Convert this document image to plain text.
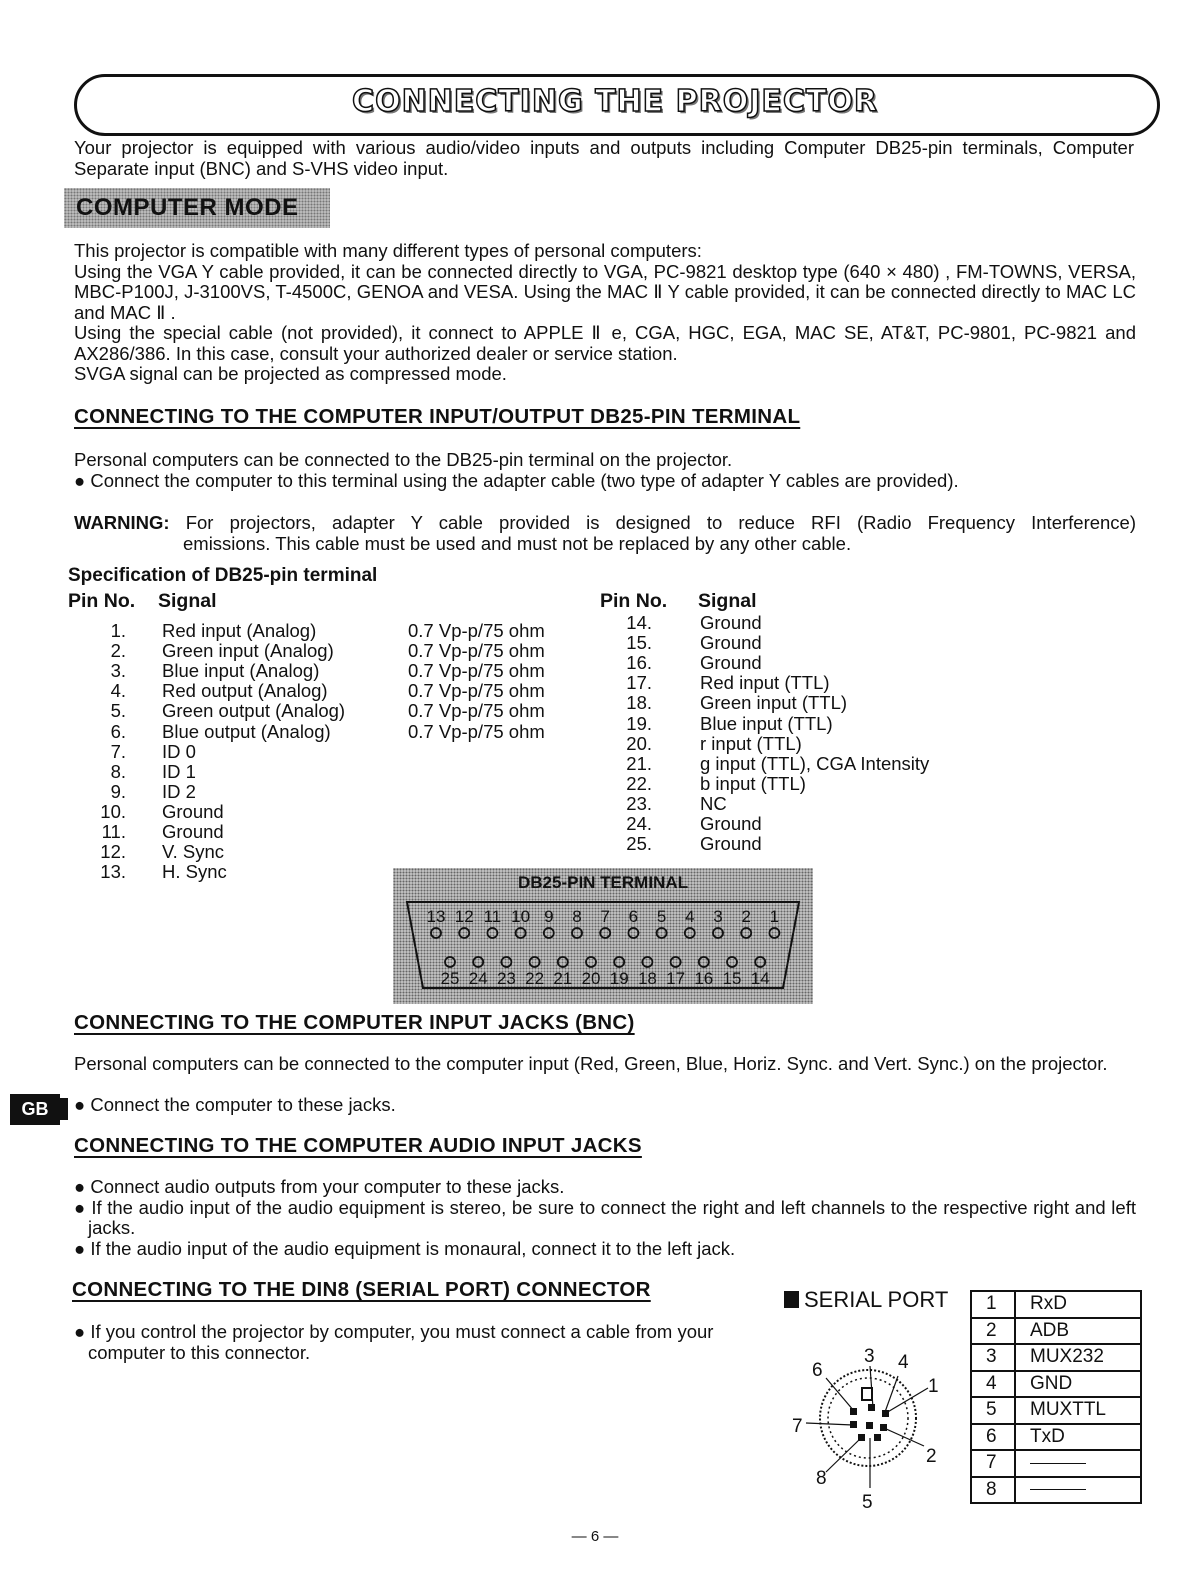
CONNECTING THE PROJECTOR
Your projector is equipped with various audio/video inputs and outputs including Computer DB25-pin terminals, Computer Separate input (BNC) and S-VHS video input.
COMPUTER MODE
This projector is compatible with many different types of personal computers:
Using the VGA Y cable provided, it can be connected directly to VGA, PC-9821 desktop type (640 × 480) , FM-TOWNS, VERSA, MBC-P100J, J-3100VS, T-4500C, GENOA and VESA. Using the MAC Ⅱ Y cable provided, it can be connected directly to MAC LC and MAC Ⅱ .
Using the special cable (not provided), it connect to APPLE Ⅱ e, CGA, HGC, EGA, MAC SE, AT&T, PC-9801, PC-9821 and AX286/386. In this case, consult your authorized dealer or service station.
SVGA signal can be projected as compressed mode.
CONNECTING TO THE COMPUTER INPUT/OUTPUT DB25-PIN TERMINAL
Personal computers can be connected to the DB25-pin terminal on the projector.
● Connect the computer to this terminal using the adapter cable (two type of adapter Y cables are provided).
WARNING: For projectors, adapter Y cable provided is designed to reduce RFI (Radio Frequency Interference)
emissions. This cable must be used and must not be replaced by any other cable.
Specification of DB25-pin terminal
Pin No. Signal	Pin No. Signal
1. Red input (Analog)	0.7 Vp-p/75 ohm
2. Green input (Analog)	0.7 Vp-p/75 ohm
3. Blue input (Analog)	0.7 Vp-p/75 ohm
4. Red output (Analog)	0.7 Vp-p/75 ohm
5. Green output (Analog)	0.7 Vp-p/75 ohm
6. Blue output (Analog)	0.7 Vp-p/75 ohm
7. ID 0
8. ID 1
9. ID 2
10. Ground
11. Ground
12. V. Sync
13. H. Sync
14.	Ground
15.	Ground
16.	Ground
17.	Red input (TTL)
18.	Green input (TTL)
19.	Blue input (TTL)
20.	r input (TTL)
21.	g input (TTL), CGA Intensity
22.	b input (TTL)
23.	NC
24.	Ground
25.	Ground
DB25-PIN TERMINAL
13 12 11 10 9 8 7 6 5 4 3 2 1
25 24 23 22 21 20 19 18 17 16 15 14
CONNECTING TO THE COMPUTER INPUT JACKS (BNC)
Personal computers can be connected to the computer input (Red, Green, Blue, Horiz. Sync. and Vert. Sync.) on the projector.
● Connect the computer to these jacks.
GB
CONNECTING TO THE COMPUTER AUDIO INPUT JACKS
● Connect audio outputs from your computer to these jacks.
● If the audio input of the audio equipment is stereo, be sure to connect the right and left channels to the respective right and left jacks.
● If the audio input of the audio equipment is monaural, connect it to the left jack.
CONNECTING TO THE DIN8 (SERIAL PORT) CONNECTOR
● If you control the projector by computer, you must connect a cable from your computer to this connector.
SERIAL PORT
3 4
1
6
7
2
8
5
1	RxD
2	ADB
3	MUX232
4	GND
5	MUXTTL
6	TxD
7	
8	
— 6 —
